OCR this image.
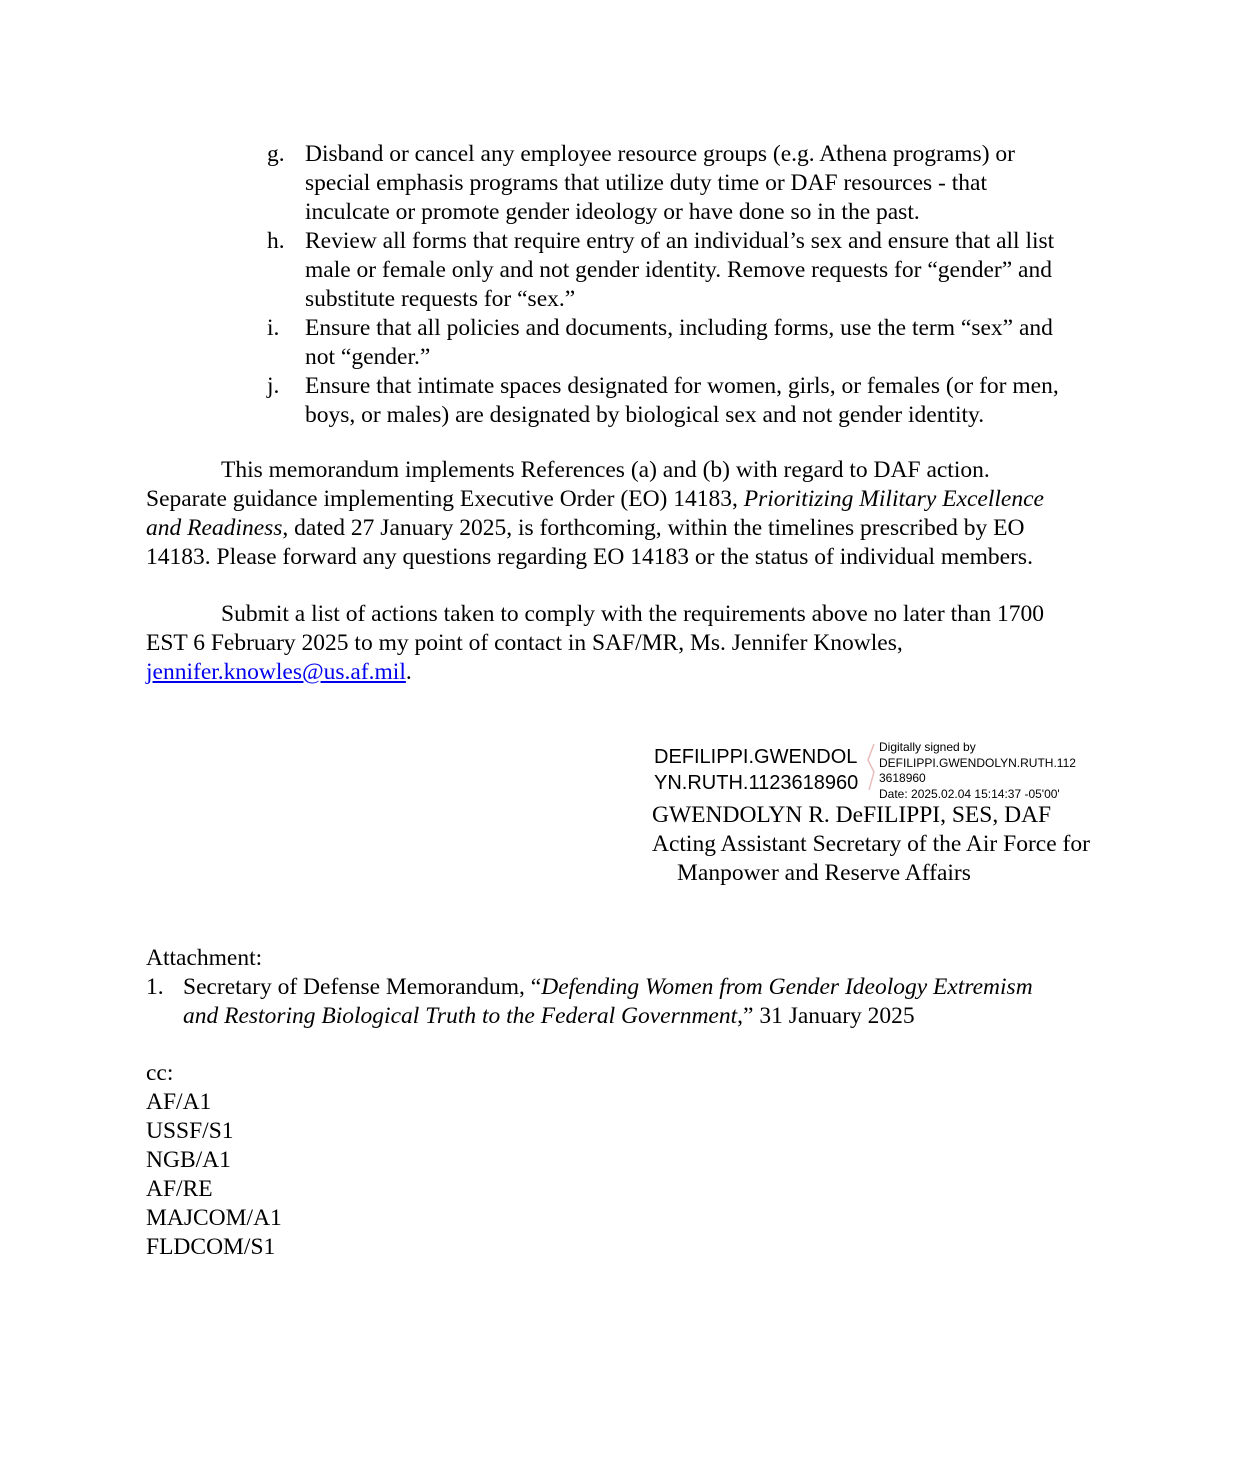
g. Disband or cancel any employee resource groups (e.g. Athena programs) or
special emphasis programs that utilize duty time or DAF resources - that
inculcate or promote gender ideology or have done so in the past.
h. Review all forms that require entry of an individual’s sex and ensure that all list
male or female only and not gender identity. Remove requests for “gender” and
substitute requests for “sex.”
i. Ensure that all policies and documents, including forms, use the term “sex” and
not “gender.”
j. Ensure that intimate spaces designated for women, girls, or females (or for men,
boys, or males) are designated by biological sex and not gender identity.
This memorandum implements References (a) and (b) with regard to DAF action.
Separate guidance implementing Executive Order (EO) 14183, Prioritizing Military Excellence
and Readiness, dated 27 January 2025, is forthcoming, within the timelines prescribed by EO
14183. Please forward any questions regarding EO 14183 or the status of individual members.
Submit a list of actions taken to comply with the requirements above no later than 1700
EST 6 February 2025 to my point of contact in SAF/MR, Ms. Jennifer Knowles,
jennifer.knowles@us.af.mil.
DEFILIPPI.GWENDOL
YN.RUTH.1123618960
Digitally signed by
DEFILIPPI.GWENDOLYN.RUTH.112
3618960
Date: 2025.02.04 15:14:37 -05'00'
GWENDOLYN R. DeFILIPPI, SES, DAF
Acting Assistant Secretary of the Air Force for
Manpower and Reserve Affairs
Attachment:
1. Secretary of Defense Memorandum, “Defending Women from Gender Ideology Extremism
and Restoring Biological Truth to the Federal Government,” 31 January 2025
cc:
AF/A1
USSF/S1
NGB/A1
AF/RE
MAJCOM/A1
FLDCOM/S1
